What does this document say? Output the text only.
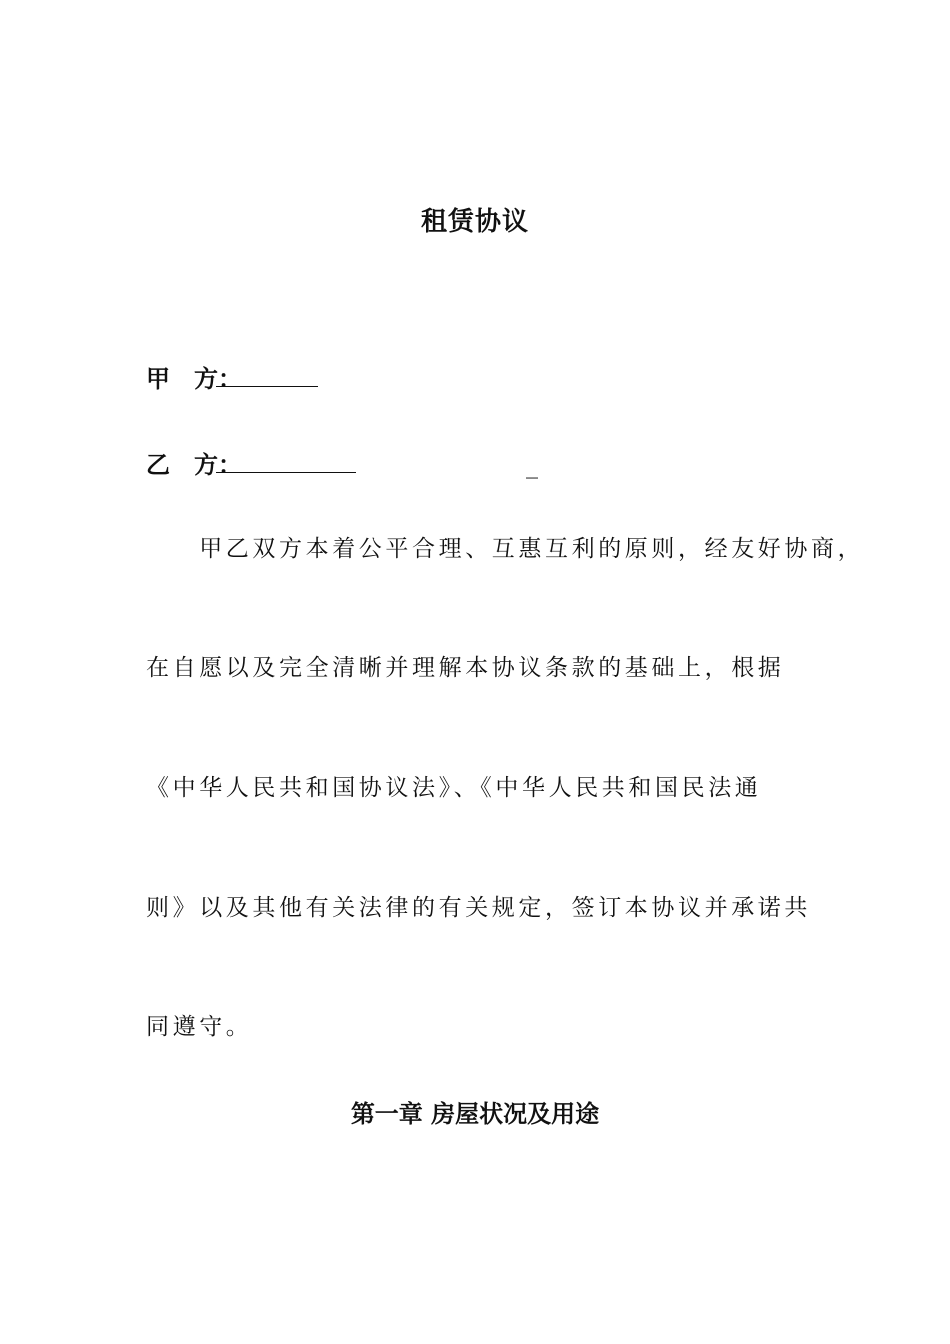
租赁协议
甲　方：
乙　方：	_
　　甲乙双方本着公平合理、互惠互利的原则，经友好协商，
在自愿以及完全清晰并理解本协议条款的基础上，根据
《中华人民共和国协议法》、《中华人民共和国民法通
则》以及其他有关法律的有关规定，签订本协议并承诺共
同遵守。
第一章 房屋状况及用途
